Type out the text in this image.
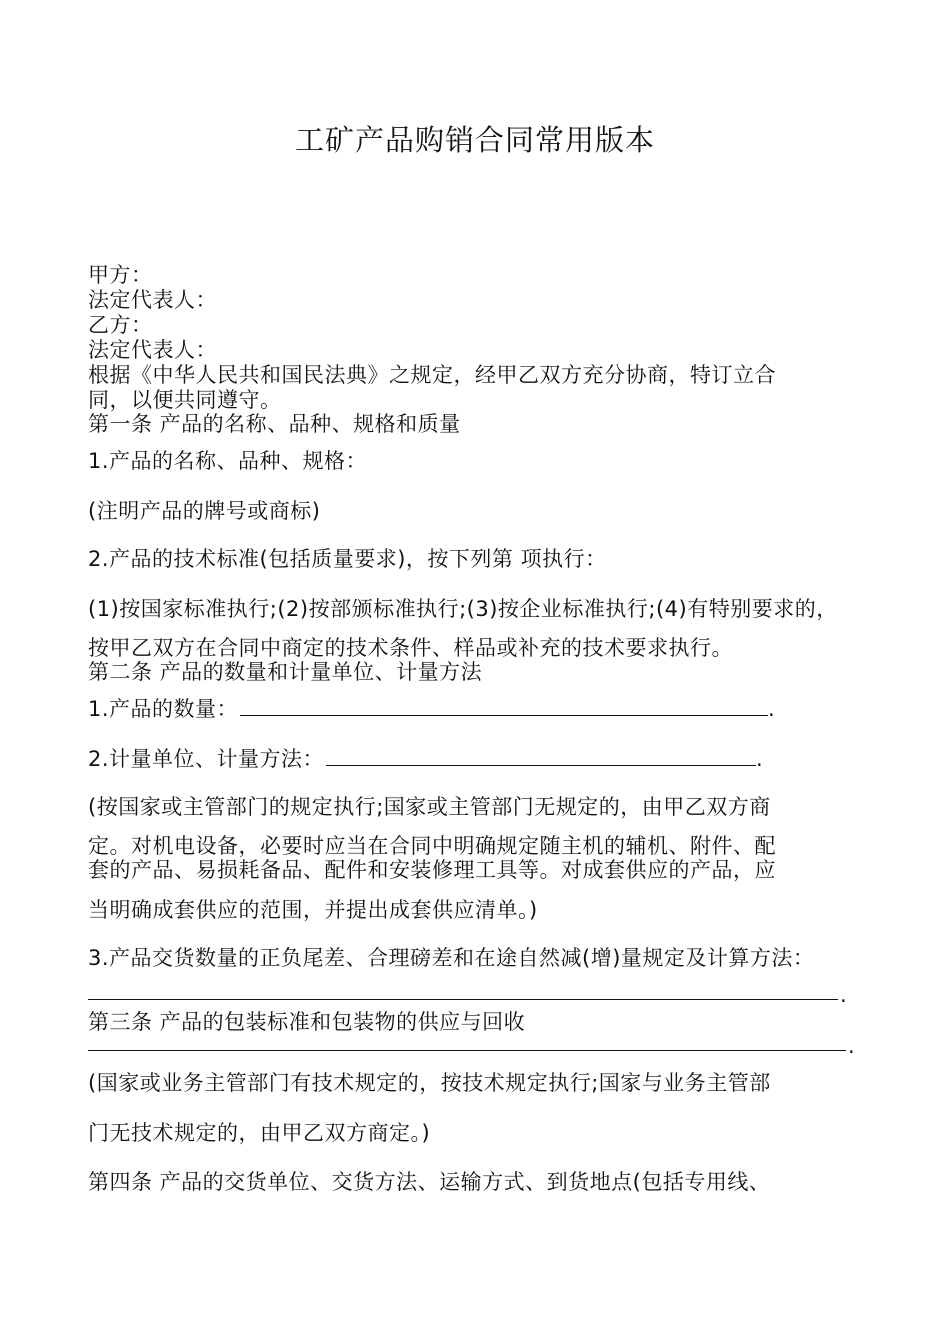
工矿产品购销合同常用版本
甲方：
法定代表人：
乙方：
法定代表人：
根据《中华人民共和国民法典》之规定，经甲乙双方充分协商，特订立合
同，以便共同遵守。
第一条 产品的名称、品种、规格和质量
1.产品的名称、品种、规格：
(注明产品的牌号或商标)
2.产品的技术标准(包括质量要求)，按下列第 项执行：
(1)按国家标准执行;(2)按部颁标准执行;(3)按企业标准执行;(4)有特别要求的，
按甲乙双方在合同中商定的技术条件、样品或补充的技术要求执行。
第二条 产品的数量和计量单位、计量方法
1.产品的数量：	.
2.计量单位、计量方法：	.
(按国家或主管部门的规定执行;国家或主管部门无规定的，由甲乙双方商
定。对机电设备，必要时应当在合同中明确规定随主机的辅机、附件、配
套的产品、易损耗备品、配件和安装修理工具等。对成套供应的产品，应
当明确成套供应的范围，并提出成套供应清单。)
3.产品交货数量的正负尾差、合理磅差和在途自然减(增)量规定及计算方法：
.
第三条 产品的包装标准和包装物的供应与回收
.
(国家或业务主管部门有技术规定的，按技术规定执行;国家与业务主管部
门无技术规定的，由甲乙双方商定。)
第四条 产品的交货单位、交货方法、运输方式、到货地点(包括专用线、
